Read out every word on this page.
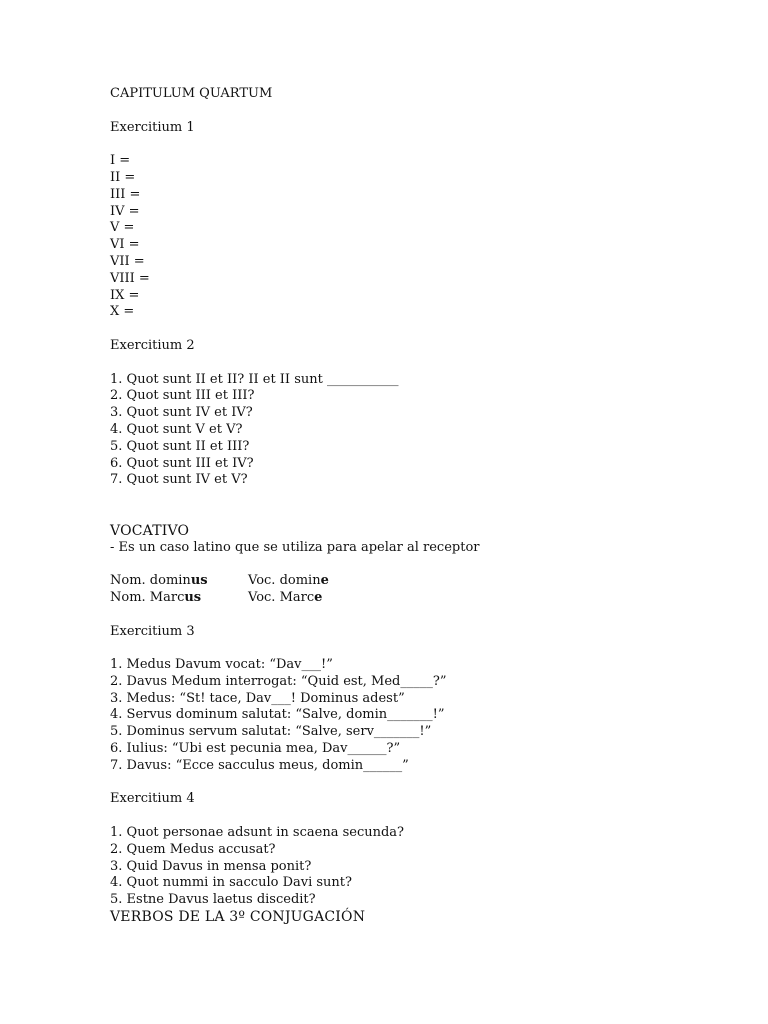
CAPITULUM QUARTUM
Exercitium 1
I =
II =
III =
IV =
V =
VI =
VII =
VIII =
IX =
X =
Exercitium 2
1. Quot sunt II et II? II et II sunt ___________
2. Quot sunt III et III?
3. Quot sunt IV et IV?
4. Quot sunt V et V?
5. Quot sunt II et III?
6. Quot sunt III et IV?
7. Quot sunt IV et V?
VOCATIVO
- Es un caso latino que se utiliza para apelar al receptor
Nom. dominus	Voc. domine
Nom. Marcus	Voc. Marce
Exercitium 3
1. Medus Davum vocat: “Dav___!”
2. Davus Medum interrogat: “Quid est, Med_____?”
3. Medus: “St! tace, Dav___! Dominus adest”
4. Servus dominum salutat: “Salve, domin_______!”
5. Dominus servum salutat: “Salve, serv_______!”
6. Iulius: “Ubi est pecunia mea, Dav______?”
7. Davus: “Ecce sacculus meus, domin______”
Exercitium 4
1. Quot personae adsunt in scaena secunda?
2. Quem Medus accusat?
3. Quid Davus in mensa ponit?
4. Quot nummi in sacculo Davi sunt?
5. Estne Davus laetus discedit?
VERBOS DE LA 3º CONJUGACIÓN
